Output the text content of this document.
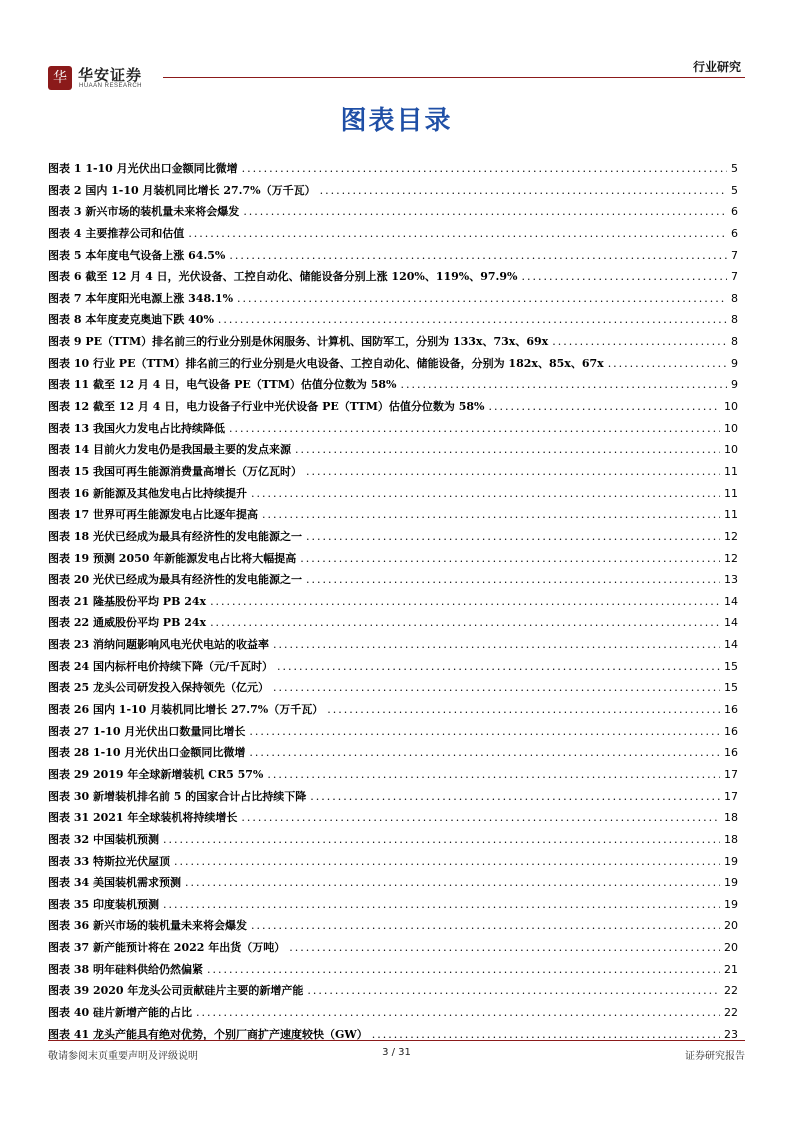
华 华安证券
HUAAN RESEARCH
行业研究
图表目录
图表 1 1-10 月光伏出口金额同比微增 .....	5
图表 2 国内 1-10 月装机同比增长 27.7%（万千瓦） .....	5
图表 3 新兴市场的装机量未来将会爆发 .....	6
图表 4 主要推荐公司和估值 .....	6
图表 5 本年度电气设备上涨 64.5% .....	7
图表 6 截至 12 月 4 日，光伏设备、工控自动化、储能设备分别上涨 120%、119%、97.9% .....	7
图表 7 本年度阳光电源上涨 348.1% .....	8
图表 8 本年度麦克奥迪下跌 40% .....	8
图表 9 PE（TTM）排名前三的行业分别是休闲服务、计算机、国防军工，分别为 133x、73x、69x .....	8
图表 10 行业 PE（TTM）排名前三的行业分别是火电设备、工控自动化、储能设备，分别为 182x、85x、67x .....	9
图表 11 截至 12 月 4 日，电气设备 PE（TTM）估值分位数为 58% .....	9
图表 12 截至 12 月 4 日，电力设备子行业中光伏设备 PE（TTM）估值分位数为 58% .....	10
图表 13 我国火力发电占比持续降低 .....	10
图表 14 目前火力发电仍是我国最主要的发点来源 .....	10
图表 15 我国可再生能源消费量高增长（万亿瓦时） .....	11
图表 16 新能源及其他发电占比持续提升 .....	11
图表 17 世界可再生能源发电占比逐年提高 .....	11
图表 18 光伏已经成为最具有经济性的发电能源之一 .....	12
图表 19 预测 2050 年新能源发电占比将大幅提高 .....	12
图表 20 光伏已经成为最具有经济性的发电能源之一 .....	13
图表 21 隆基股份平均 PB 24x .....	14
图表 22 通威股份平均 PB 24x .....	14
图表 23 消纳问题影响风电光伏电站的收益率 .....	14
图表 24 国内标杆电价持续下降（元/千瓦时） .....	15
图表 25 龙头公司研发投入保持领先（亿元） .....	15
图表 26 国内 1-10 月装机同比增长 27.7%（万千瓦） .....	16
图表 27 1-10 月光伏出口数量同比增长 .....	16
图表 28 1-10 月光伏出口金额同比微增 .....	16
图表 29 2019 年全球新增装机 CR5 57% .....	17
图表 30 新增装机排名前 5 的国家合计占比持续下降 .....	17
图表 31 2021 年全球装机将持续增长 .....	18
图表 32 中国装机预测 .....	18
图表 33 特斯拉光伏屋顶 .....	19
图表 34 美国装机需求预测 .....	19
图表 35 印度装机预测 .....	19
图表 36 新兴市场的装机量未来将会爆发 .....	20
图表 37 新产能预计将在 2022 年出货（万吨） .....	20
图表 38 明年硅料供给仍然偏紧 .....	21
图表 39 2020 年龙头公司贡献硅片主要的新增产能 .....	22
图表 40 硅片新增产能的占比 .....	22
图表 41 龙头产能具有绝对优势，个别厂商扩产速度较快（GW） .....	23
敬请参阅末页重要声明及评级说明	3 / 31	证券研究报告
